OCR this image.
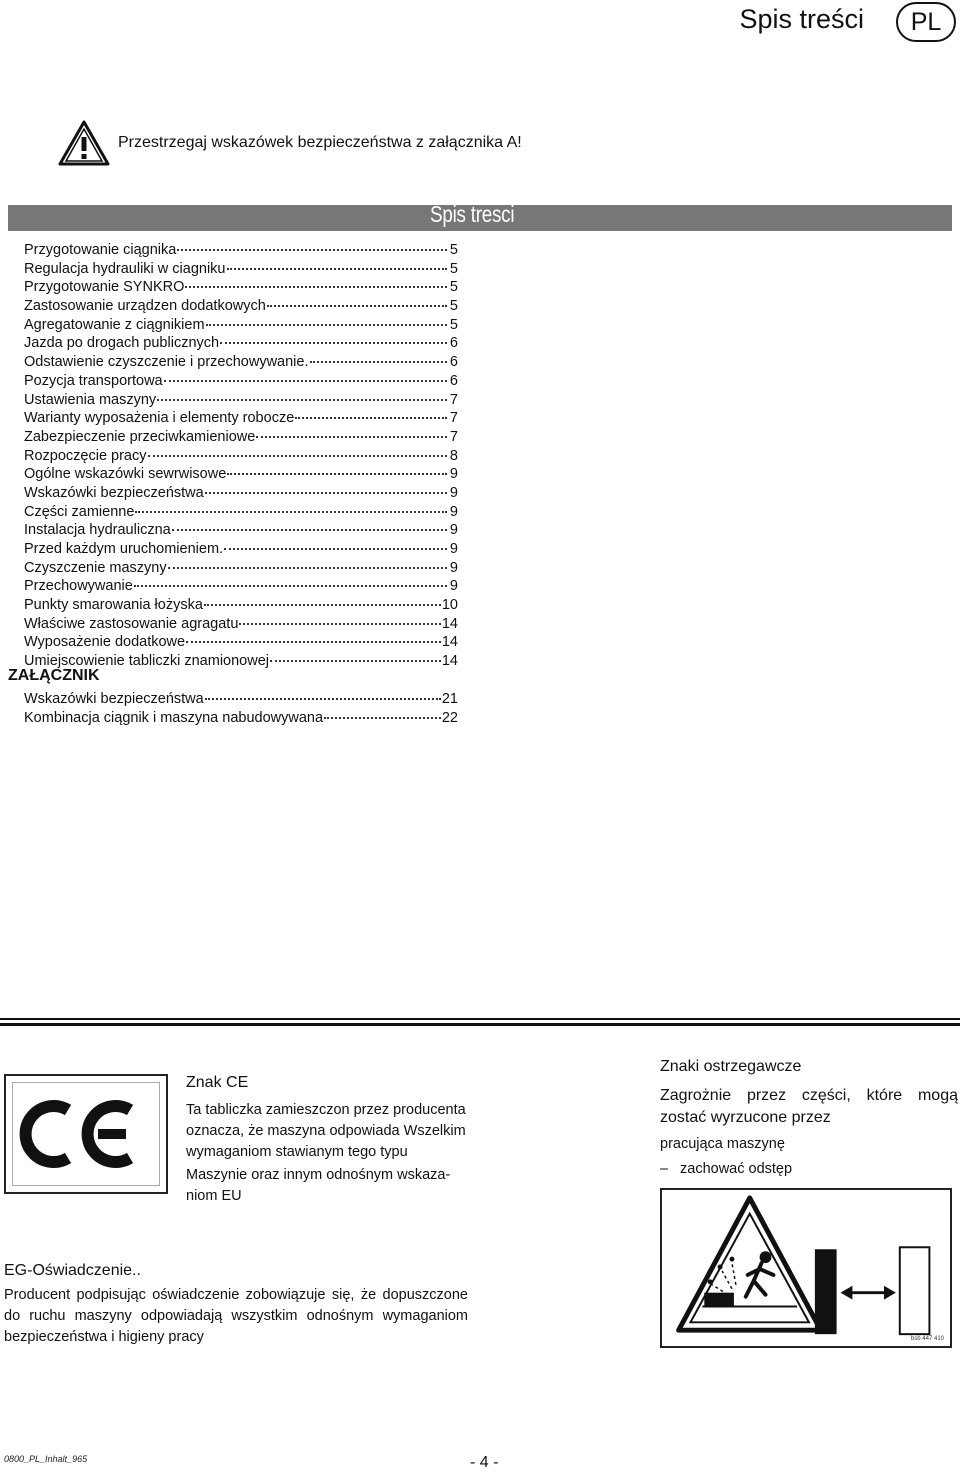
Spis treści	PL
Przestrzegaj wskazówek bezpieczeństwa z załącznika A!
Spis tresci
Przygotowanie ciągnika	5
Regulacja hydrauliki w ciagniku	5
Przygotowanie SYNKRO	5
Zastosowanie urządzen dodatkowych	5
Agregatowanie z ciągnikiem	5
Jazda po drogach publicznych	6
Odstawienie czyszczenie i przechowywanie.	6
Pozycja transportowa	6
Ustawienia maszyny	7
Warianty wyposażenia i elementy robocze	7
Zabezpieczenie przeciwkamieniowe	7
Rozpoczęcie pracy	8
Ogólne wskazówki sewrwisowe	9
Wskazówki bezpieczeństwa	9
Części zamienne	9
Instalacja hydrauliczna	9
Przed każdym uruchomieniem.	9
Czyszczenie maszyny	9
Przechowywanie	9
Punkty smarowania łożyska	10
Właściwe zastosowanie agragatu	14
Wyposażenie dodatkowe	14
Umiejscowienie tabliczki znamionowej	14
ZAŁĄCZNIK
Wskazówki bezpieczeństwa	21
Kombinacja ciągnik i maszyna nabudowywana	22
Znak CE
Ta tabliczka zamieszczon przez producenta oznacza, że maszyna odpowiada Wszelkim wymaganiom stawianym tego typu
Maszynie oraz innym odnośnym wskaza-niom EU
Znaki ostrzegawcze
Zagrożnie przez części, które mogą zostać wyrzucone przez
pracująca maszynę
– zachować odstęp
bsb 447 410
EG-Oświadczenie..
Producent podpisując oświadczenie zobowiązuje się, że dopuszczone do ruchu maszyny odpowiadają wszystkim odnośnym wymaganiom bezpieczeństwa i higieny pracy
0800_PL_Inhalt_965	- 4 -
